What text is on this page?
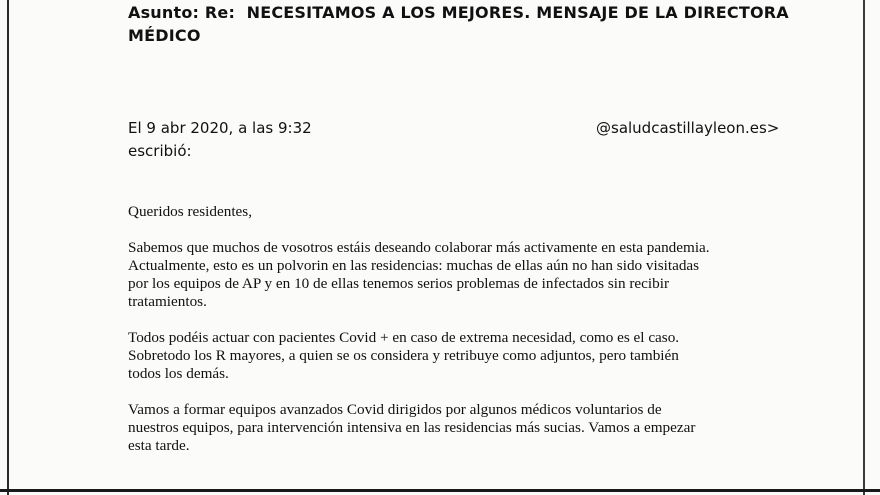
Asunto: Re: NECESITAMOS A LOS MEJORES. MENSAJE DE LA DIRECTORA
MÉDICO
El 9 abr 2020, a las 9:32
escribió:
@saludcastillayleon.es>

Queridos residentes,

Sabemos que muchos de vosotros estáis deseando colaborar más activamente en esta pandemia.
Actualmente, esto es un polvorin en las residencias: muchas de ellas aún no han sido visitadas
por los equipos de AP y en 10 de ellas tenemos serios problemas de infectados sin recibir
tratamientos.

Todos podéis actuar con pacientes Covid + en caso de extrema necesidad, como es el caso.
Sobretodo los R mayores, a quien se os considera y retribuye como adjuntos, pero también
todos los demás.

Vamos a formar equipos avanzados Covid dirigidos por algunos médicos voluntarios de
nuestros equipos, para intervención intensiva en las residencias más sucias. Vamos a empezar
esta tarde.
